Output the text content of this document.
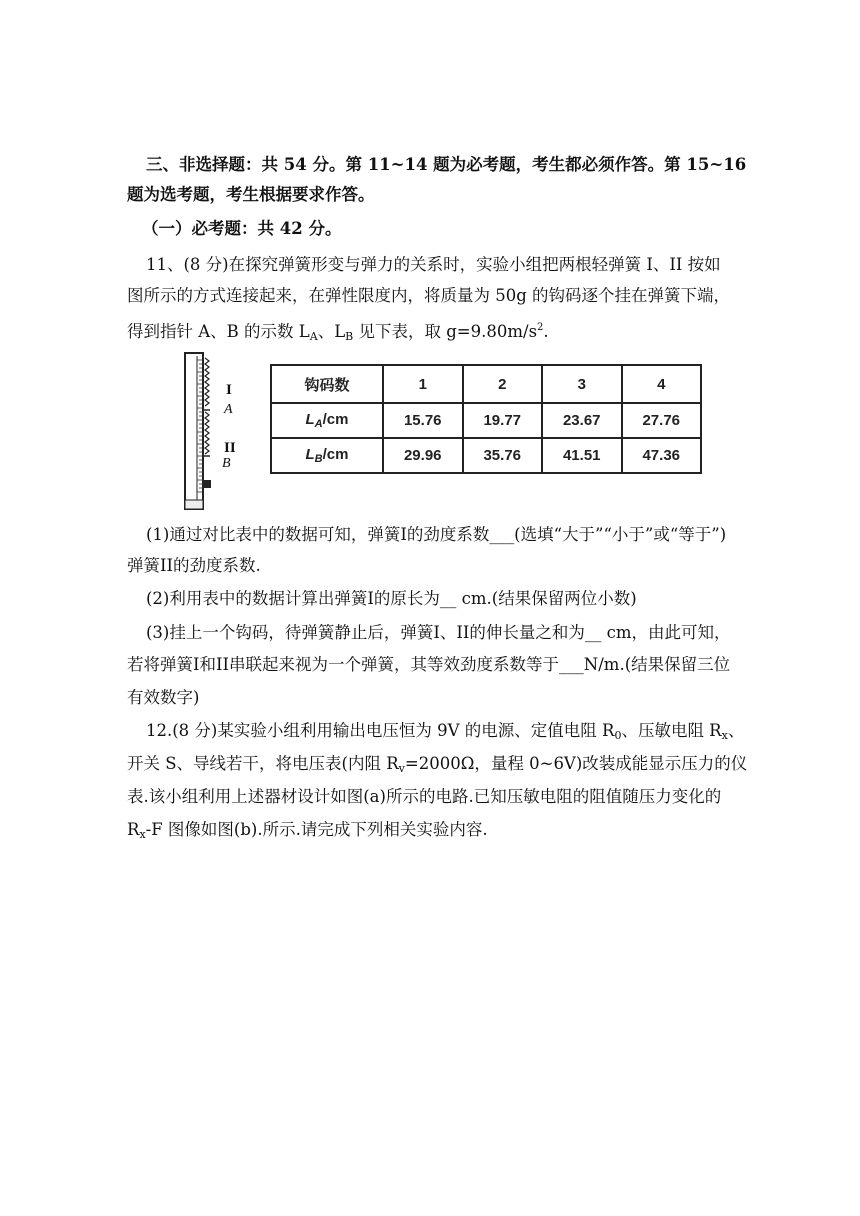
三、非选择题：共 54 分。第 11~14 题为必考题，考生都必须作答。第 15~16
题为选考题，考生根据要求作答。
（一）必考题：共 42 分。
11、(8 分)在探究弹簧形变与弹力的关系时，实验小组把两根轻弹簧 I、II 按如
图所示的方式连接起来，在弹性限度内，将质量为 50g 的钩码逐个挂在弹簧下端，
得到指针 A、B 的示数 $L_A$、$L_B$ 见下表，取 $g=9.80m/s^2$.
I
A
II
B
钩码数	1	2	3	4
$L_A/cm$	15.76	19.77	23.67	27.76
$L_B/cm$	29.96	35.76	41.51	47.36
(1)通过对比表中的数据可知，弹簧I的劲度系数___(选填“大于”“小于”或“等于”)
弹簧II的劲度系数.
(2)利用表中的数据计算出弹簧I的原长为__ cm.(结果保留两位小数)
(3)挂上一个钩码，待弹簧静止后，弹簧I、II的伸长量之和为__ cm，由此可知，
若将弹簧I和II串联起来视为一个弹簧，其等效劲度系数等于___N/m.(结果保留三位
有效数字)
12.(8 分)某实验小组利用输出电压恒为 9V 的电源、定值电阻 $R_0$、压敏电阻 $R_x$、
开关 S、导线若干，将电压表(内阻 $R_v=2000\Omega$，量程 0~6V)改装成能显示压力的仪
表.该小组利用上述器材设计如图(a)所示的电路.已知压敏电阻的阻值随压力变化的
$R_x-F$ 图像如图(b).所示.请完成下列相关实验内容.
